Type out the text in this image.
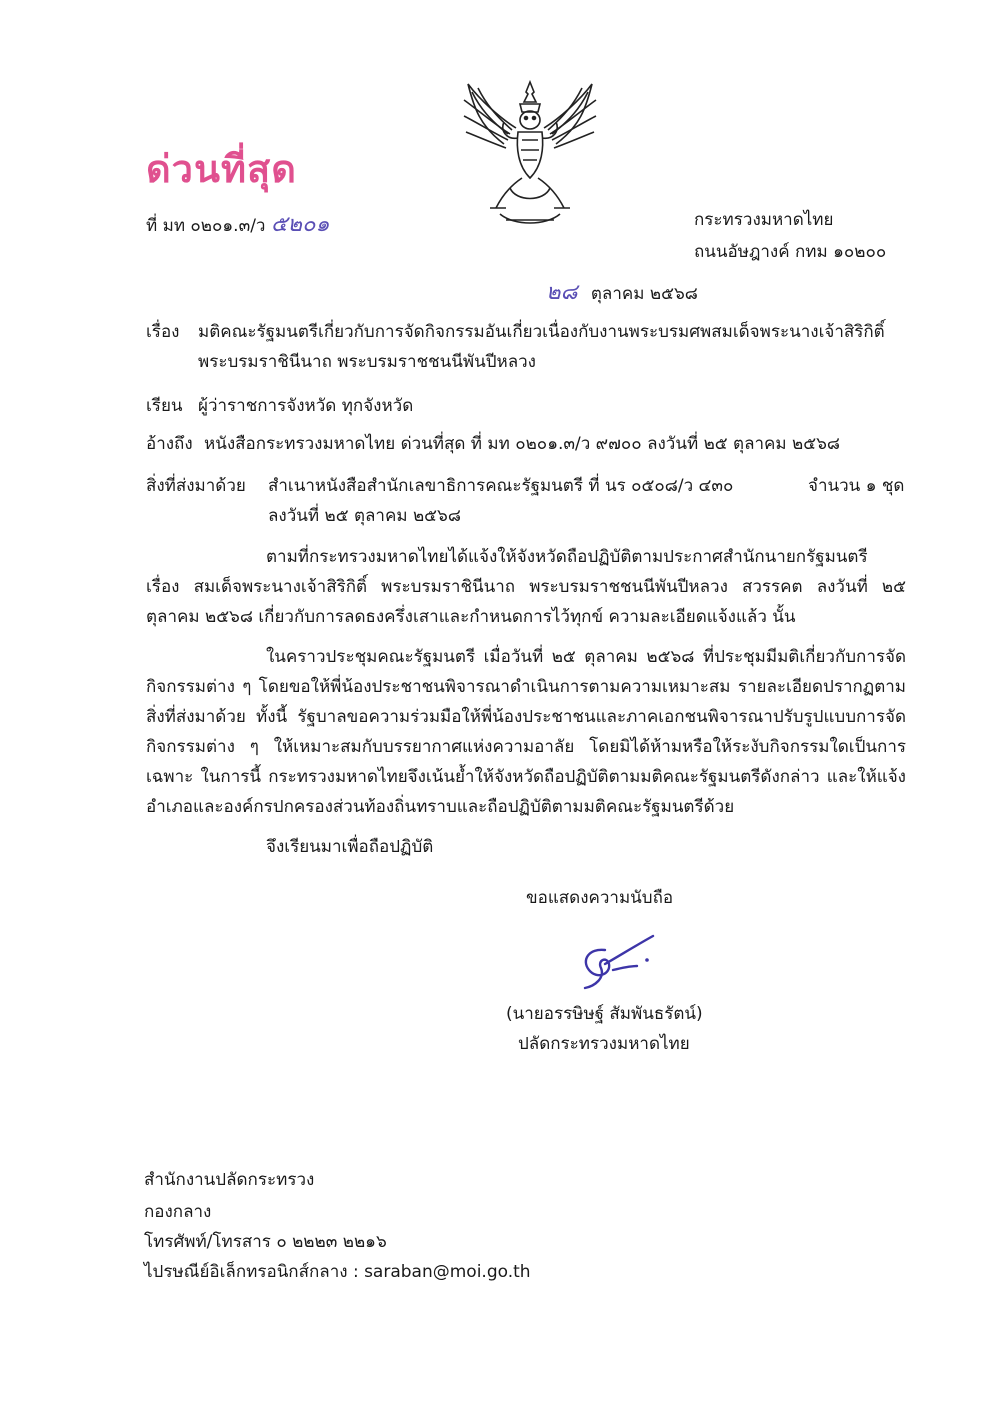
ด่วนที่สุด
ที่ มท ๐๒๐๑.๓/ว ๕๒๐๑	กระทรวงมหาดไทย
ถนนอัษฎางค์ กทม ๑๐๒๐๐
๒๘ ตุลาคม ๒๕๖๘
เรื่อง มติคณะรัฐมนตรีเกี่ยวกับการจัดกิจกรรมอันเกี่ยวเนื่องกับงานพระบรมศพสมเด็จพระนางเจ้าสิริกิติ์
พระบรมราชินีนาถ พระบรมราชชนนีพันปีหลวง
เรียน ผู้ว่าราชการจังหวัด ทุกจังหวัด
อ้างถึง หนังสือกระทรวงมหาดไทย ด่วนที่สุด ที่ มท ๐๒๐๑.๓/ว ๙๗๐๐ ลงวันที่ ๒๕ ตุลาคม ๒๕๖๘
สิ่งที่ส่งมาด้วย สำเนาหนังสือสำนักเลขาธิการคณะรัฐมนตรี ที่ นร ๐๕๐๘/ว ๔๓๐	จำนวน ๑ ชุด
ลงวันที่ ๒๕ ตุลาคม ๒๕๖๘
ตามที่กระทรวงมหาดไทยได้แจ้งให้จังหวัดถือปฏิบัติตามประกาศสำนักนายกรัฐมนตรี เรื่อง สมเด็จพระนางเจ้าสิริกิติ์ พระบรมราชินีนาถ พระบรมราชชนนีพันปีหลวง สวรรคต ลงวันที่ ๒๕ ตุลาคม ๒๕๖๘ เกี่ยวกับการลดธงครึ่งเสาและกำหนดการไว้ทุกข์ ความละเอียดแจ้งแล้ว นั้น
ในคราวประชุมคณะรัฐมนตรี เมื่อวันที่ ๒๕ ตุลาคม ๒๕๖๘ ที่ประชุมมีมติเกี่ยวกับการจัดกิจกรรมต่าง ๆ โดยขอให้พี่น้องประชาชนพิจารณาดำเนินการตามความเหมาะสม รายละเอียดปรากฏตามสิ่งที่ส่งมาด้วย ทั้งนี้ รัฐบาลขอความร่วมมือให้พี่น้องประชาชนและภาคเอกชนพิจารณาปรับรูปแบบการจัดกิจกรรมต่าง ๆ ให้เหมาะสมกับบรรยากาศแห่งความอาลัย โดยมิได้ห้ามหรือให้ระงับกิจกรรมใดเป็นการเฉพาะ ในการนี้ กระทรวงมหาดไทยจึงเน้นย้ำให้จังหวัดถือปฏิบัติตามมติคณะรัฐมนตรีดังกล่าว และให้แจ้งอำเภอและองค์กรปกครองส่วนท้องถิ่นทราบและถือปฏิบัติตามมติคณะรัฐมนตรีด้วย
จึงเรียนมาเพื่อถือปฏิบัติ
ขอแสดงความนับถือ
(นายอรรษิษฐ์ สัมพันธรัตน์)
ปลัดกระทรวงมหาดไทย
สำนักงานปลัดกระทรวง
กองกลาง
โทรศัพท์/โทรสาร ๐ ๒๒๒๓ ๒๒๑๖
ไปรษณีย์อิเล็กทรอนิกส์กลาง : saraban@moi.go.th
